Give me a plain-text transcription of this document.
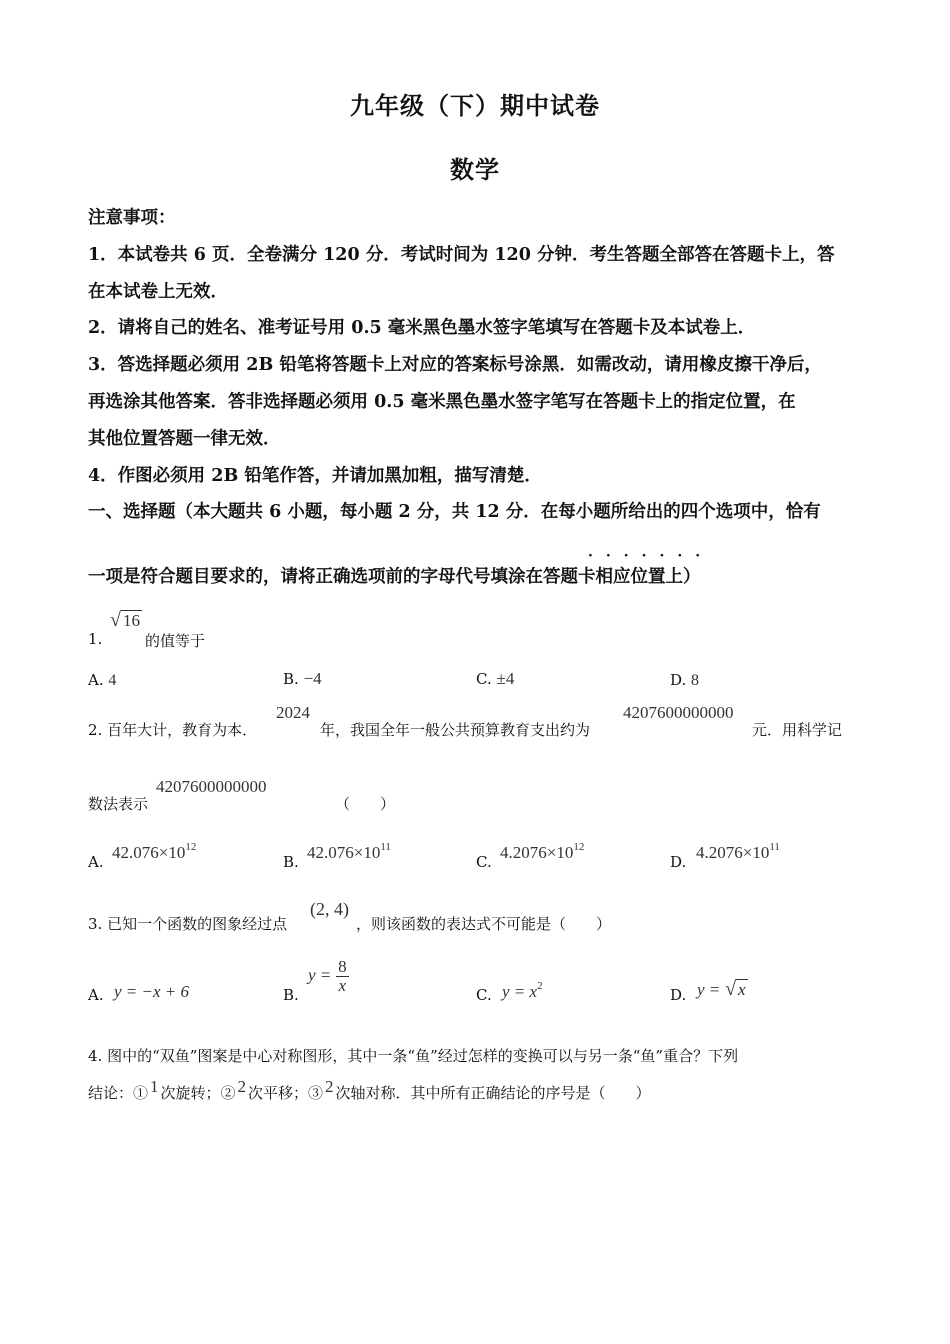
九年级（下）期中试卷
数学
注意事项：
1．本试卷共 6 页．全卷满分 120 分．考试时间为 120 分钟．考生答题全部答在答题卡上，答
在本试卷上无效．
2．请将自己的姓名、准考证号用 0.5 毫米黑色墨水签字笔填写在答题卡及本试卷上．
3．答选择题必须用 2B 铅笔将答题卡上对应的答案标号涂黑．如需改动，请用橡皮擦干净后，
再选涂其他答案．答非选择题必须用 0.5 毫米黑色墨水签字笔写在答题卡上的指定位置，在
其他位置答题一律无效．
4．作图必须用 2B 铅笔作答，并请加黑加粗，描写清楚．
一、选择题（本大题共 6 小题，每小题 2 分，共 12 分．在每小题所给出的四个选项中，恰有
·······
一项是符合题目要求的，请将正确选项前的字母代号填涂在答题卡相应位置上）
1.
√ 16
的值等于
A. 4	B. −4	C. ±4	D. 8
2. 百年大计，教育为本．
2024
年，我国全年一般公共预算教育支出约为
4207600000000
元．用科学记
数法表示
4207600000000
（　　）
A. $42.076\times 10^{12}$
B. $42.076\times 10^{11}$
C. $4.2076\times 10^{12}$
D. $4.2076\times 10^{11}$
3. 已知一个函数的图象经过点
(2, 4)
，则该函数的表达式不可能是（　　）
A. y = −x + 6	B.
$y = \frac{8}{x}$	C. $y = x^2$	D. y = √ x
4. 图中的“双鱼”图案是中心对称图形，其中一条“鱼”经过怎样的变换可以与另一条“鱼”重合？下列
结论：① 1 次旋转；② 2 次平移；③ 2 次轴对称．其中所有正确结论的序号是（　　）
